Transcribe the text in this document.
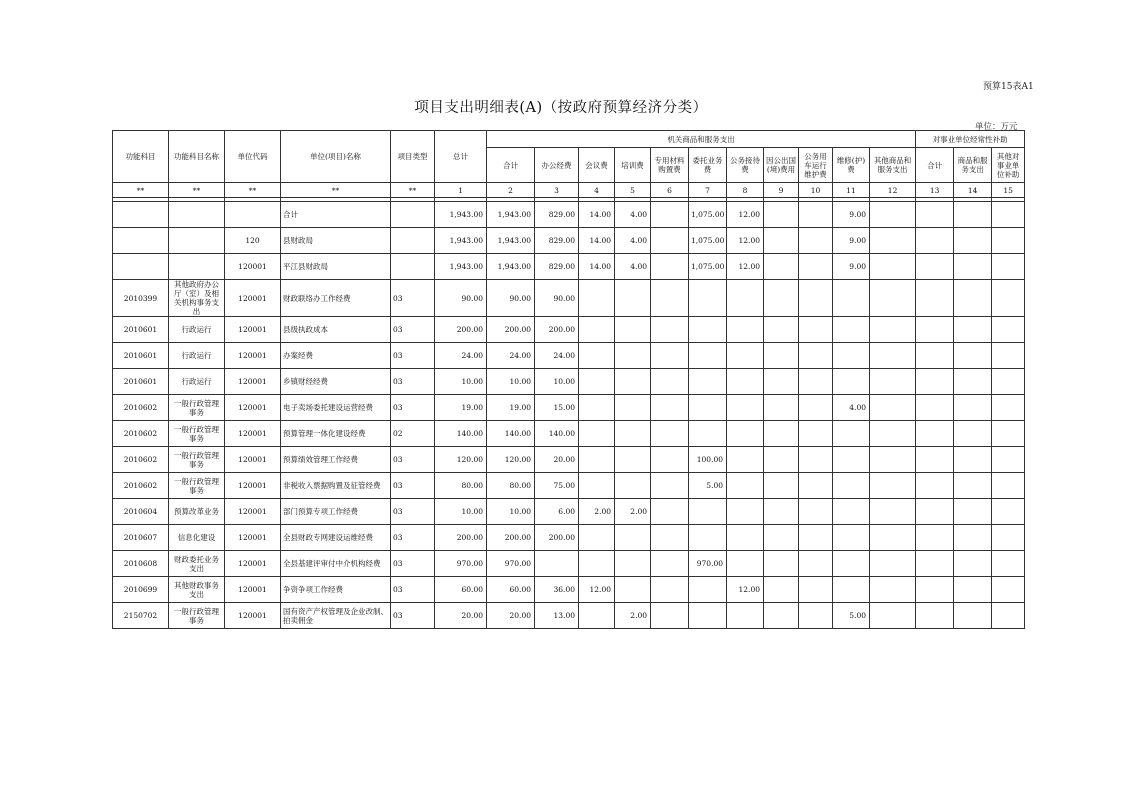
预算15表A1
项目支出明细表(A)（按政府预算经济分类）
单位：万元
功能科目	功能科目名称	单位代码	单位(项目)名称	项目类型	总计	机关商品和服务支出											对事业单位经常性补助		
						合计	办公经费	会议费	培训费	专用材料购置费	委托业务费	公务接待费	因公出国(境)费用	公务用车运行维护费	维修(护)费	其他商品和服务支出	合计	商品和服务支出	其他对事业单位补助
**	**	**	**	**	1	2	3	4	5	6	7	8	9	10	11	12	13	14	15

			合计		1,943.00	1,943.00	829.00	14.00	4.00		1,075.00	12.00			9.00				
		120	县财政局		1,943.00	1,943.00	829.00	14.00	4.00		1,075.00	12.00			9.00				
		120001	平江县财政局		1,943.00	1,943.00	829.00	14.00	4.00		1,075.00	12.00			9.00				
2010399	其他政府办公厅（室）及相关机构事务支出	120001	财政联络办工作经费	03	90.00	90.00	90.00												
2010601	行政运行	120001	县级执政成本	03	200.00	200.00	200.00												
2010601	行政运行	120001	办案经费	03	24.00	24.00	24.00												
2010601	行政运行	120001	乡镇财经经费	03	10.00	10.00	10.00												
2010602	一般行政管理事务	120001	电子卖场委托建设运营经费	03	19.00	19.00	15.00								4.00				
2010602	一般行政管理事务	120001	预算管理一体化建设经费	02	140.00	140.00	140.00												
2010602	一般行政管理事务	120001	预算绩效管理工作经费	03	120.00	120.00	20.00				100.00								
2010602	一般行政管理事务	120001	非税收入票据购置及征管经费	03	80.00	80.00	75.00				5.00								
2010604	预算改革业务	120001	部门预算专项工作经费	03	10.00	10.00	6.00	2.00	2.00										
2010607	信息化建设	120001	全县财政专网建设运维经费	03	200.00	200.00	200.00												
2010608	财政委托业务支出	120001	全县基建评审付中介机构经费	03	970.00	970.00					970.00								
2010699	其他财政事务支出	120001	争资争项工作经费	03	60.00	60.00	36.00	12.00				12.00							
2150702	一般行政管理事务	120001	国有资产产权管理及企业改制、拍卖佣金	03	20.00	20.00	13.00		2.00						5.00				
